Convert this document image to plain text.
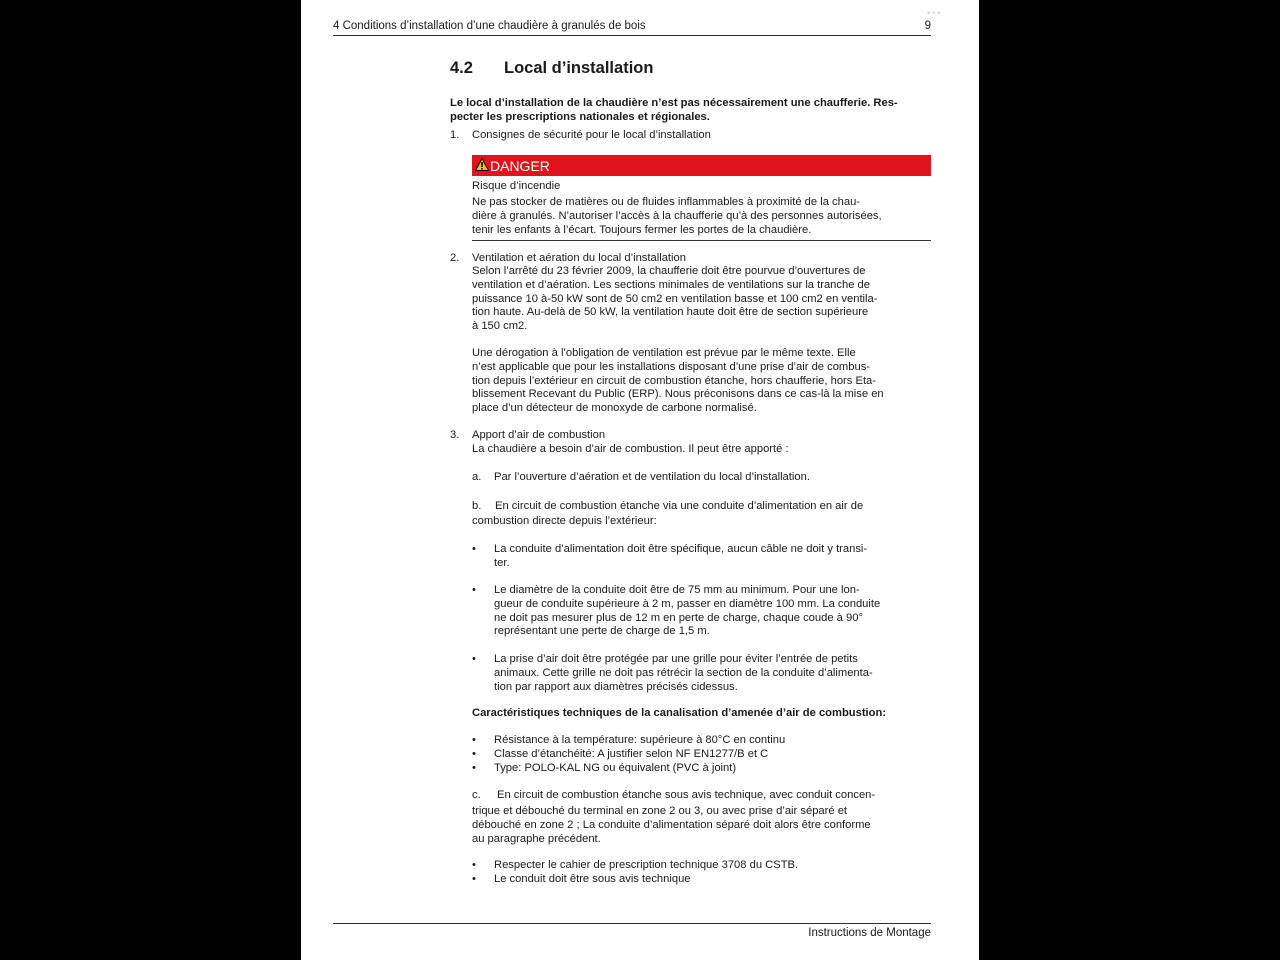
•••
4 Conditions d’installation d’une chaudière à granulés de bois	9
4.2 Local d’installation
Le local d’installation de la chaudière n’est pas nécessairement une chaufferie. Res-
pecter les prescriptions nationales et régionales.
1. Consignes de sécurité pour le local d’installation
DANGER
Risque d’incendie
Ne pas stocker de matières ou de fluides inflammables à proximité de la chau-
dière à granulés. N’autoriser l’accès à la chaufferie qu’à des personnes autorisées,
tenir les enfants à l’écart. Toujours fermer les portes de la chaudière.
2. Ventilation et aération du local d’installation
Selon l’arrêté du 23 février 2009, la chaufferie doit être pourvue d’ouvertures de
ventilation et d’aération. Les sections minimales de ventilations sur la tranche de
puissance 10 à-50 kW sont de 50 cm2 en ventilation basse et 100 cm2 en ventila-
tion haute. Au-delà de 50 kW, la ventilation haute doit être de section supérieure
à 150 cm2.
Une dérogation à l’obligation de ventilation est prévue par le même texte. Elle
n’est applicable que pour les installations disposant d’une prise d’air de combus-
tion depuis l’extérieur en circuit de combustion étanche, hors chaufferie, hors Eta-
blissement Recevant du Public (ERP). Nous préconisons dans ce cas-là la mise en
place d’un détecteur de monoxyde de carbone normalisé.
3. Apport d’air de combustion
La chaudière a besoin d’air de combustion. Il peut être apporté :
a. Par l’ouverture d’aération et de ventilation du local d’installation.
b. En circuit de combustion étanche via une conduite d’alimentation en air de
combustion directe depuis l’extérieur:
• La conduite d’alimentation doit être spécifique, aucun câble ne doit y transi-
ter.
• Le diamètre de la conduite doit être de 75 mm au minimum. Pour une lon-
gueur de conduite supérieure à 2 m, passer en diamètre 100 mm. La conduite
ne doit pas mesurer plus de 12 m en perte de charge, chaque coude à 90°
représentant une perte de charge de 1,5 m.
• La prise d’air doit être protégée par une grille pour éviter l’entrée de petits
animaux. Cette grille ne doit pas rétrécir la section de la conduite d’alimenta-
tion par rapport aux diamètres précisés cidessus.
Caractéristiques techniques de la canalisation d’amenée d’air de combustion:
•
•
•
Résistance à la température: supérieure à 80°C en continu
Classe d’étanchéité: A justifier selon NF EN1277/B et C
Type: POLO-KAL NG ou équivalent (PVC à joint)
c. En circuit de combustion étanche sous avis technique, avec conduit concen-
trique et débouché du terminal en zone 2 ou 3, ou avec prise d’air séparé et
débouché en zone 2 ; La conduite d’alimentation séparé doit alors être conforme
au paragraphe précédent.
•
•
Respecter le cahier de prescription technique 3708 du CSTB.
Le conduit doit être sous avis technique
Instructions de Montage
